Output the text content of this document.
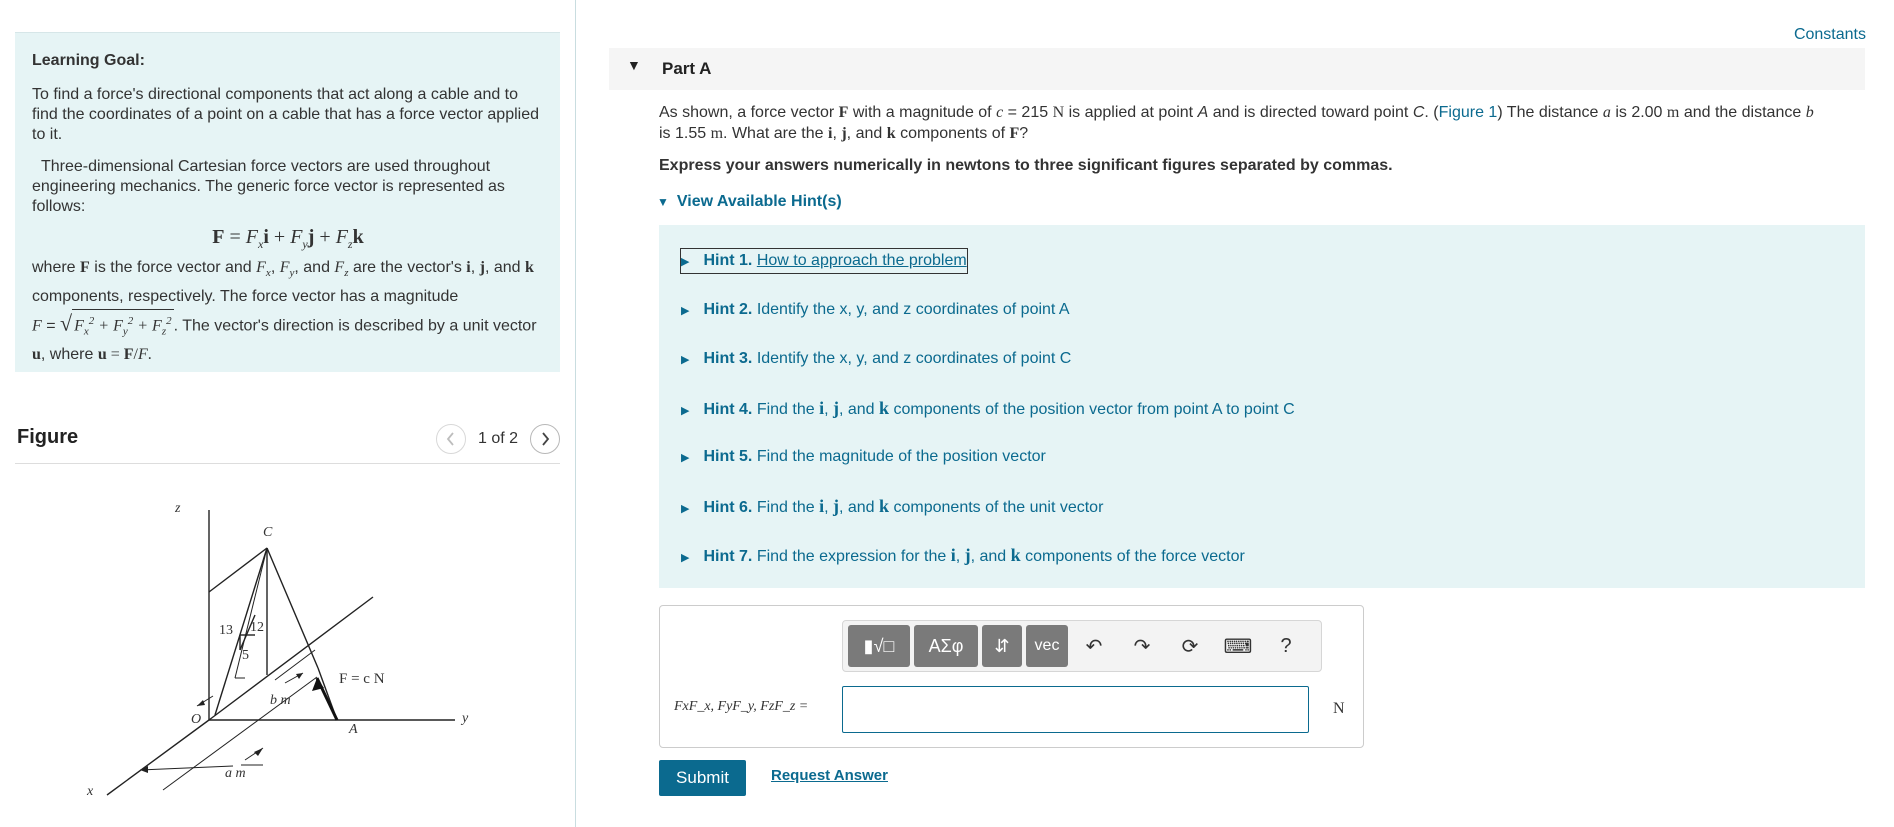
Learning Goal:

To find a force's directional components that act along a cable and to find the coordinates of a point on a cable that has a force vector applied to it.

Three-dimensional Cartesian force vectors are used throughout engineering mechanics. The generic force vector is represented as follows:

$F = F_xi + F_yj + F_zk$

where F is the force vector and $F_x$, $F_y$, and $F_z$ are the vector's i, j, and k components, respectively. The force vector has a magnitude
F = √ $F_x^2 + F_y^2 + F_z^2$ . The vector's direction is described by a unit vector u, where u = F/F.

Figure	1 of 2
z
x
y
O
A
C
F = c N
b m
a m
13 12
5
Constants
▼ Part A
As shown, a force vector F with a magnitude of c = 215 N is applied at point A and is directed toward point C. (Figure 1) The distance a is 2.00 m and the distance b
is 1.55 m. What are the i, j, and k components of F?
Express your answers numerically in newtons to three significant figures separated by commas.
▼ View Available Hint(s)
▶ Hint 1. How to approach the problem
▶ Hint 2. Identify the x, y, and z coordinates of point A
▶ Hint 3. Identify the x, y, and z coordinates of point C
▶ Hint 4. Find the i, j, and k components of the position vector from point A to point C
▶ Hint 5. Find the magnitude of the position vector
▶ Hint 6. Find the i, j, and k components of the unit vector
▶ Hint 7. Find the expression for the i, j, and k components of the force vector
▮√□	ΑΣφ	⇵	vec	↶	↷	⟳	⌨	?
FxF_x, FyF_y, FzF_z =	N
Submit	Request Answer
